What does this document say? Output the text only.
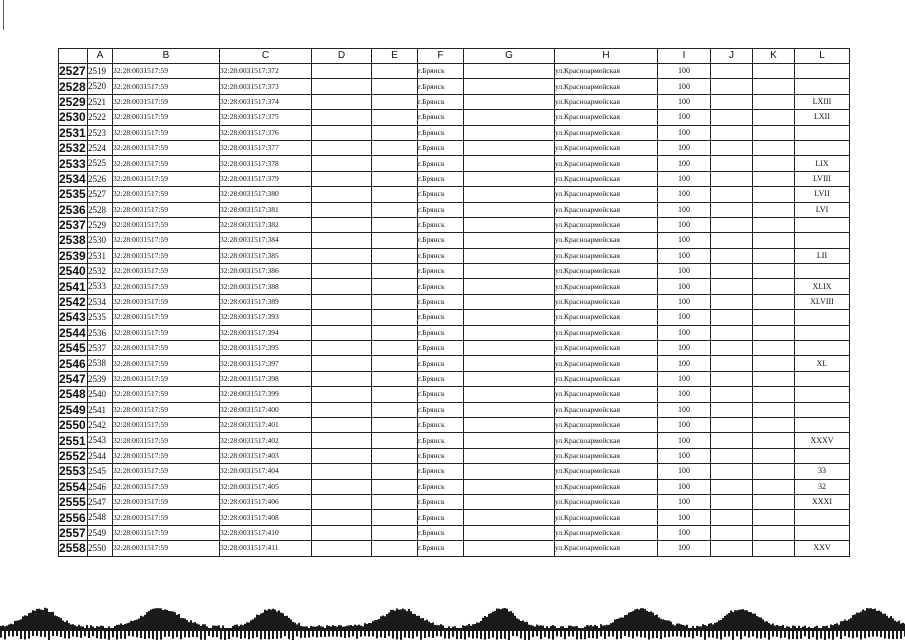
	A	B	C	D	E	F	G	H	I	J	K	L
2527	2519	32:28:0031517:59	32:28:0031517:372			г.Брянск		ул.Красноармейская	100			
2528	2520	32:28:0031517:59	32:28:0031517:373			г.Брянск		ул.Красноармейская	100			
2529	2521	32:28:0031517:59	32:28:0031517:374			г.Брянск		ул.Красноармейская	100			LXIII
2530	2522	32:28:0031517:59	32:28:0031517:375			г.Брянск		ул.Красноармейская	100			LXII
2531	2523	32:28:0031517:59	32:28:0031517:376			г.Брянск		ул.Красноармейская	100			
2532	2524	32:28:0031517:59	32:28:0031517:377			г.Брянск		ул.Красноармейская	100			
2533	2525	32:28:0031517:59	32:28:0031517:378			г.Брянск		ул.Красноармейская	100			LIX
2534	2526	32:28:0031517:59	32:28:0031517:379			г.Брянск		ул.Красноармейская	100			LVIII
2535	2527	32:28:0031517:59	32:28:0031517:380			г.Брянск		ул.Красноармейская	100			LVII
2536	2528	32:28:0031517:59	32:28:0031517:381			г.Брянск		ул.Красноармейская	100			LVI
2537	2529	32:28:0031517:59	32:28:0031517:382			г.Брянск		ул.Красноармейская	100			
2538	2530	32:28:0031517:59	32:28:0031517:384			г.Брянск		ул.Красноармейская	100			
2539	2531	32:28:0031517:59	32:28:0031517:385			г.Брянск		ул.Красноармейская	100			LII
2540	2532	32:28:0031517:59	32:28:0031517:386			г.Брянск		ул.Красноармейская	100			
2541	2533	32:28:0031517:59	32:28:0031517:388			г.Брянск		ул.Красноармейская	100			XLIX
2542	2534	32:28:0031517:59	32:28:0031517:389			г.Брянск		ул.Красноармейская	100			XLVIII
2543	2535	32:28:0031517:59	32:28:0031517:393			г.Брянск		ул.Красноармейская	100			
2544	2536	32:28:0031517:59	32:28:0031517:394			г.Брянск		ул.Красноармейская	100			
2545	2537	32:28:0031517:59	32:28:0031517:395			г.Брянск		ул.Красноармейская	100			
2546	2538	32:28:0031517:59	32:28:0031517:397			г.Брянск		ул.Красноармейская	100			XL
2547	2539	32:28:0031517:59	32:28:0031517:398			г.Брянск		ул.Красноармейская	100			
2548	2540	32:28:0031517:59	32:28:0031517:399			г.Брянск		ул.Красноармейская	100			
2549	2541	32:28:0031517:59	32:28:0031517:400			г.Брянск		ул.Красноармейская	100			
2550	2542	32:28:0031517:59	32:28:0031517:401			г.Брянск		ул.Красноармейская	100			
2551	2543	32:28:0031517:59	32:28:0031517:402			г.Брянск		ул.Красноармейская	100			XXXV
2552	2544	32:28:0031517:59	32:28:0031517:403			г.Брянск		ул.Красноармейская	100			
2553	2545	32:28:0031517:59	32:28:0031517:404			г.Брянск		ул.Красноармейская	100			33
2554	2546	32:28:0031517:59	32:28:0031517:405			г.Брянск		ул.Красноармейская	100			32
2555	2547	32:28:0031517:59	32:28:0031517:406			г.Брянск		ул.Красноармейская	100			XXXI
2556	2548	32:28:0031517:59	32:28:0031517:408			г.Брянск		ул.Красноармейская	100			
2557	2549	32:28:0031517:59	32:28:0031517:410			г.Брянск		ул.Красноармейская	100			
2558	2550	32:28:0031517:59	32:28:0031517:411			г.Брянск		ул.Красноармейская	100			XXV
